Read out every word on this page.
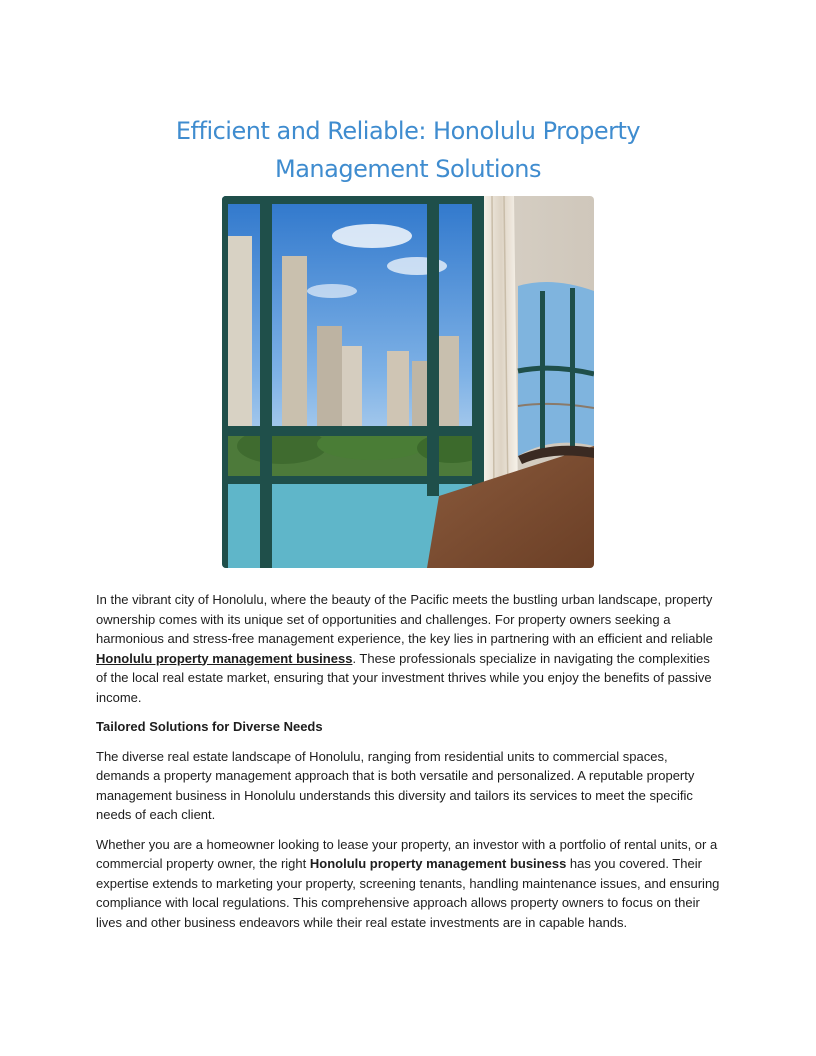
Efficient and Reliable: Honolulu Property
Management Solutions

In the vibrant city of Honolulu, where the beauty of the Pacific meets the bustling urban landscape, property ownership comes with its unique set of opportunities and challenges. For property owners seeking a harmonious and stress-free management experience, the key lies in partnering with an efficient and reliable Honolulu property management business. These professionals specialize in navigating the complexities of the local real estate market, ensuring that your investment thrives while you enjoy the benefits of passive income.

Tailored Solutions for Diverse Needs

The diverse real estate landscape of Honolulu, ranging from residential units to commercial spaces, demands a property management approach that is both versatile and personalized. A reputable property management business in Honolulu understands this diversity and tailors its services to meet the specific needs of each client.

Whether you are a homeowner looking to lease your property, an investor with a portfolio of rental units, or a commercial property owner, the right Honolulu property management business has you covered. Their expertise extends to marketing your property, screening tenants, handling maintenance issues, and ensuring compliance with local regulations. This comprehensive approach allows property owners to focus on their lives and other business endeavors while their real estate investments are in capable hands.
